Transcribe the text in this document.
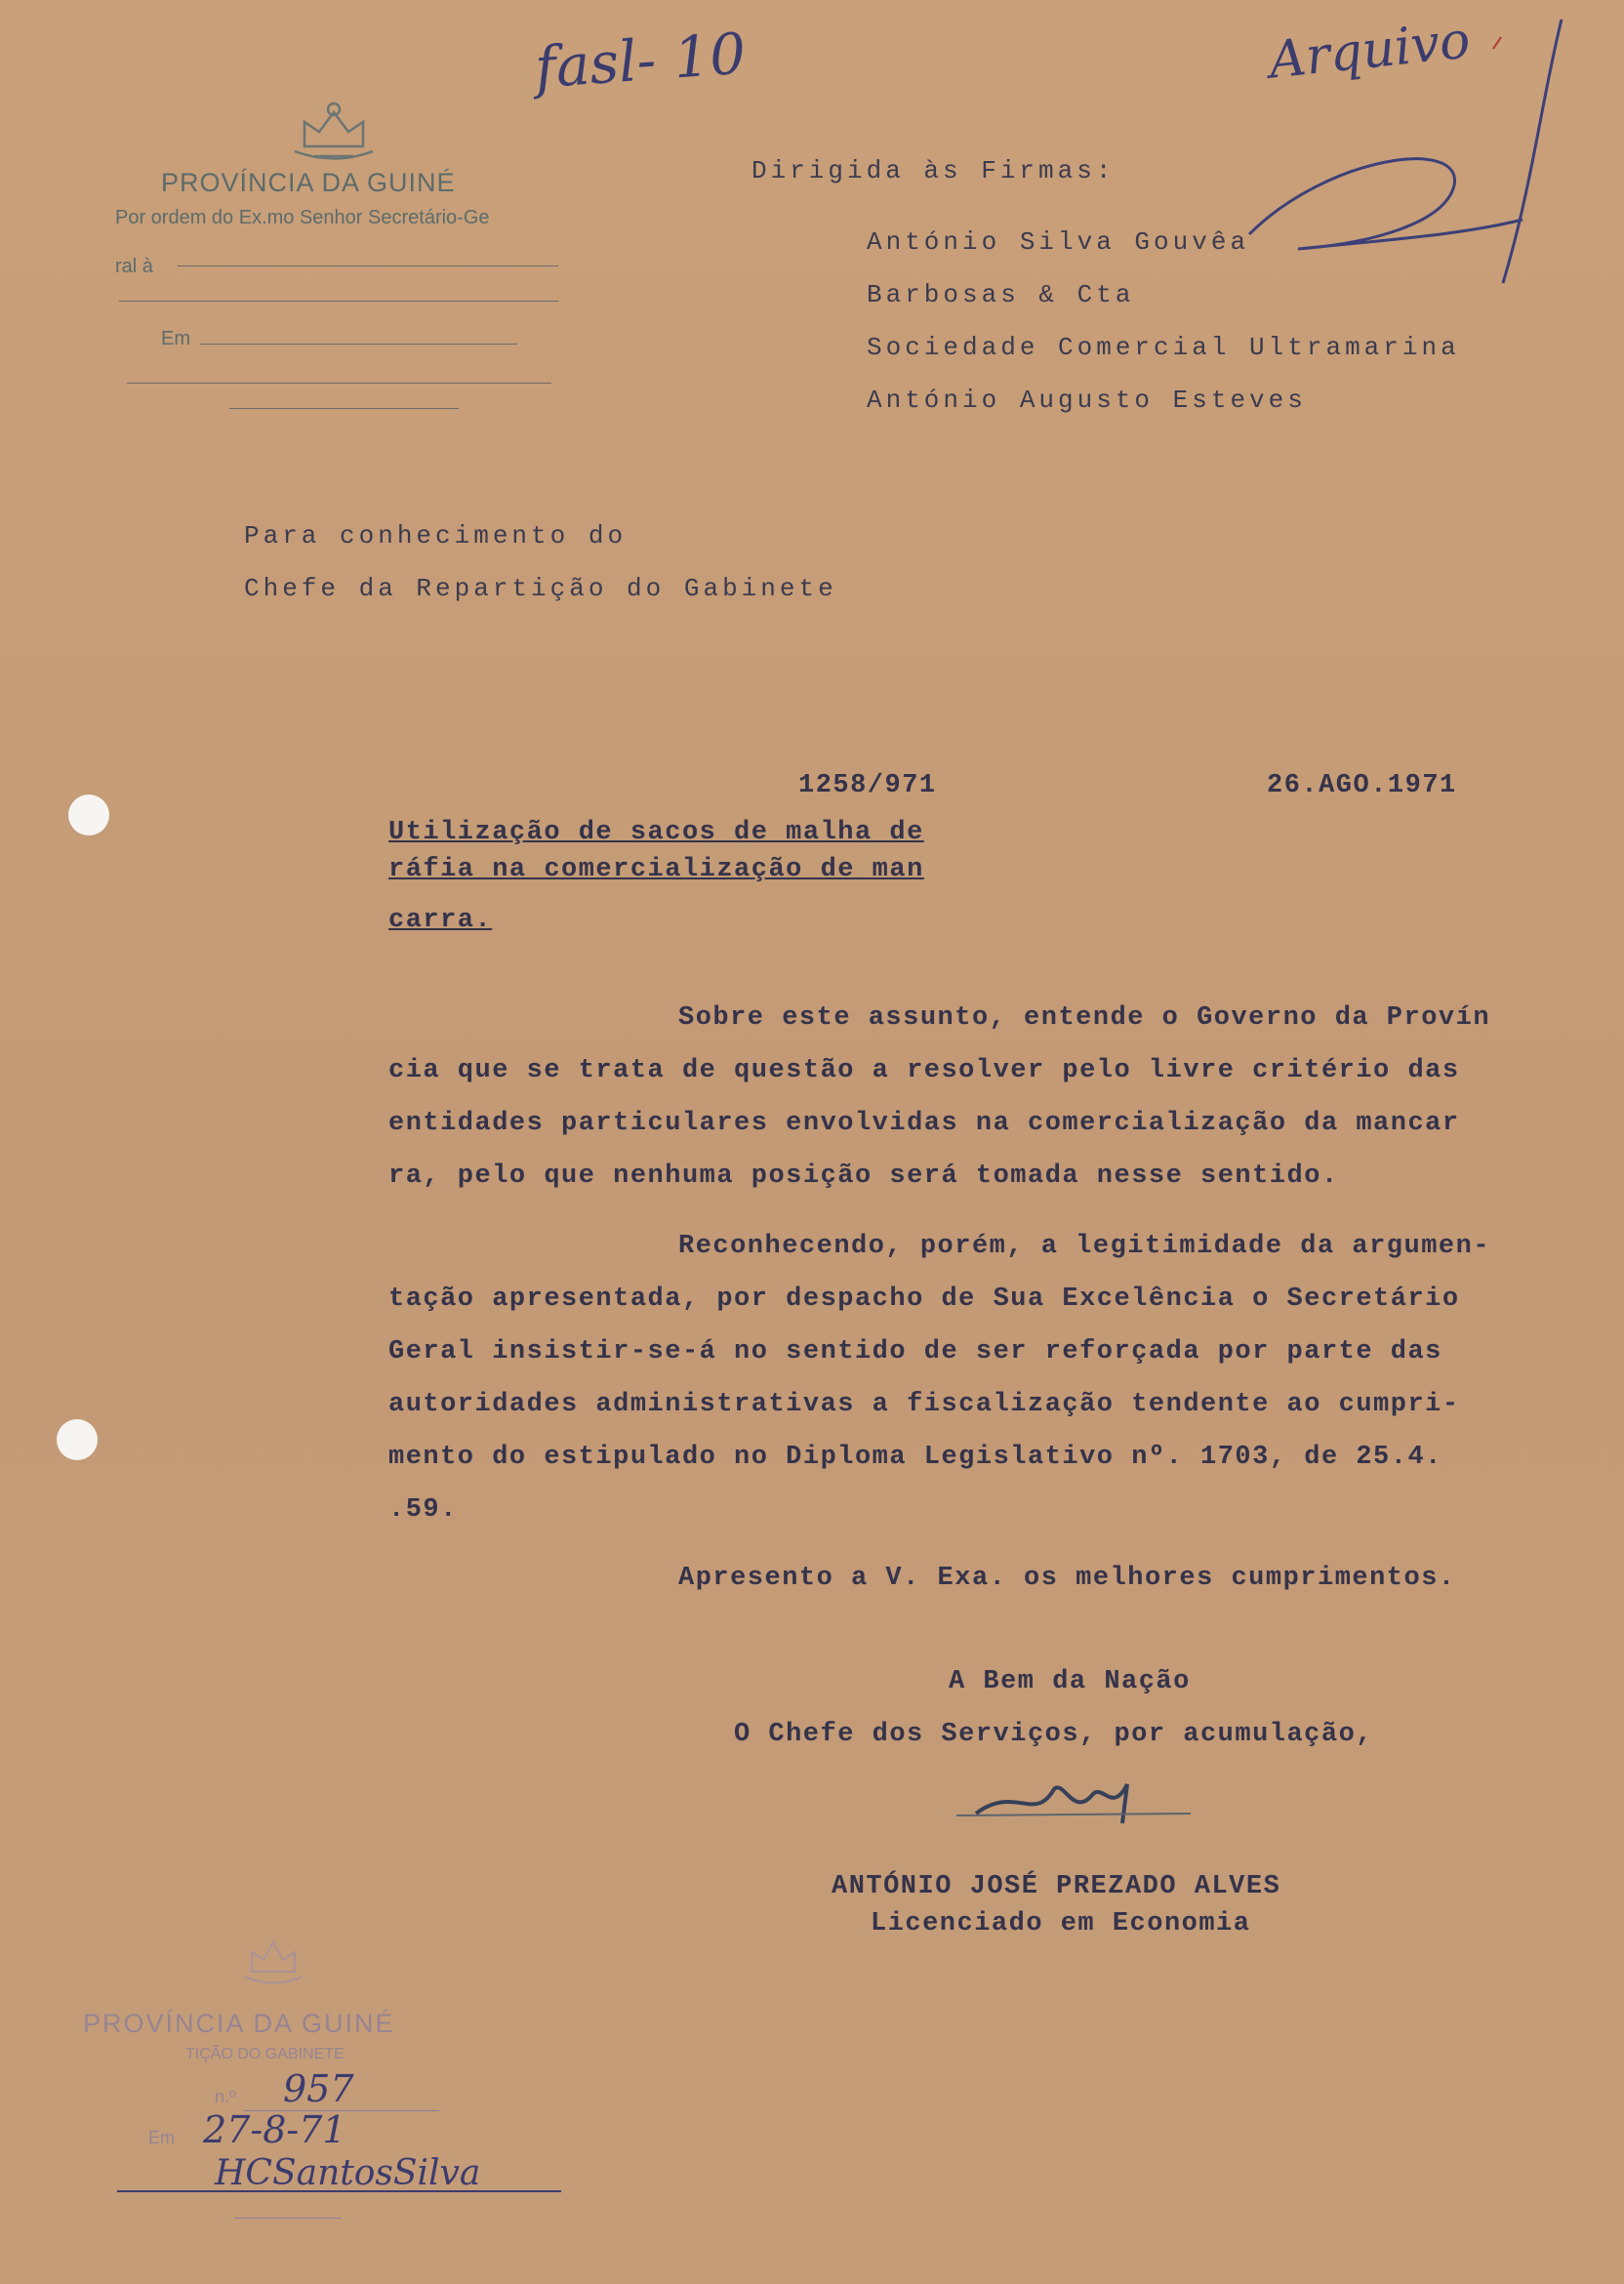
fasl- 10	Arquivo
PROVÍNCIA DA GUINÉ
Por ordem do Ex.mo Senhor Secretário-Ge
ral à
Em
Dirigida às Firmas:
António Silva Gouvêa
Barbosas & Cta
Sociedade Comercial Ultramarina
António Augusto Esteves
Para conhecimento do
Chefe da Repartição do Gabinete
1258/971	26.AGO.1971
Utilização de sacos de malha de
ráfia na comercialização de man
carra.
Sobre este assunto, entende o Governo da Provín
cia que se trata de questão a resolver pelo livre critério das
entidades particulares envolvidas na comercialização da mancar
ra, pelo que nenhuma posição será tomada nesse sentido.
Reconhecendo, porém, a legitimidade da argumen-
tação apresentada, por despacho de Sua Excelência o Secretário
Geral insistir-se-á no sentido de ser reforçada por parte das
autoridades administrativas a fiscalização tendente ao cumpri-
mento do estipulado no Diploma Legislativo nº. 1703, de 25.4.
.59.
Apresento a V. Exa. os melhores cumprimentos.
A Bem da Nação
O Chefe dos Serviços, por acumulação,
ANTÓNIO JOSÉ PREZADO ALVES
Licenciado em Economia
PROVÍNCIA DA GUINÉ
TIÇÃO DO GABINETE
n.º 957
Em 27-8-71
HCSantosSilva
